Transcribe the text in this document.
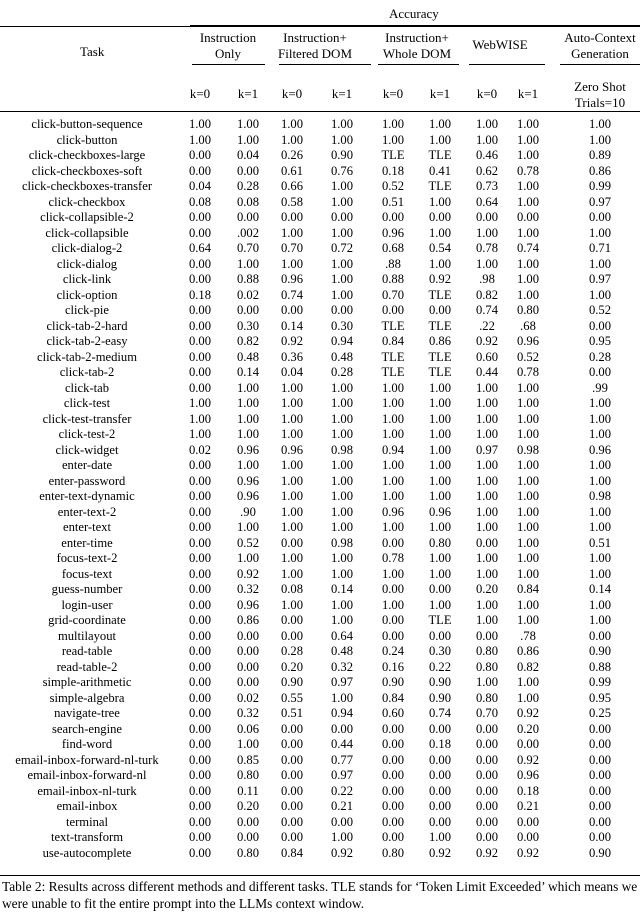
Accuracy
Task
Instruction
Only
k=0	k=1
Instruction+
Filtered DOM
k=0	k=1
Instruction+
Whole DOM
k=0	k=1
WebWISE
k=0	k=1
Auto-Context
Generation
Zero Shot
Trials=10
click-button-sequence	1.00	1.00	1.00	1.00	1.00	1.00	1.00	1.00	1.00
click-button	1.00	1.00	1.00	1.00	1.00	1.00	1.00	1.00	1.00
click-checkboxes-large	0.00	0.04	0.26	0.90	TLE	TLE	0.46	1.00	0.89
click-checkboxes-soft	0.00	0.00	0.61	0.76	0.18	0.41	0.62	0.78	0.86
click-checkboxes-transfer	0.04	0.28	0.66	1.00	0.52	TLE	0.73	1.00	0.99
click-checkbox	0.08	0.08	0.58	1.00	0.51	1.00	0.64	1.00	0.97
click-collapsible-2	0.00	0.00	0.00	0.00	0.00	0.00	0.00	0.00	0.00
click-collapsible	0.00	.002	1.00	1.00	0.96	1.00	1.00	1.00	1.00
click-dialog-2	0.64	0.70	0.70	0.72	0.68	0.54	0.78	0.74	0.71
click-dialog	0.00	1.00	1.00	1.00	.88	1.00	1.00	1.00	1.00
click-link	0.00	0.88	0.96	1.00	0.88	0.92	.98	1.00	0.97
click-option	0.18	0.02	0.74	1.00	0.70	TLE	0.82	1.00	1.00
click-pie	0.00	0.00	0.00	0.00	0.00	0.00	0.74	0.80	0.52
click-tab-2-hard	0.00	0.30	0.14	0.30	TLE	TLE	.22	.68	0.00
click-tab-2-easy	0.00	0.82	0.92	0.94	0.84	0.86	0.92	0.96	0.95
click-tab-2-medium	0.00	0.48	0.36	0.48	TLE	TLE	0.60	0.52	0.28
click-tab-2	0.00	0.14	0.04	0.28	TLE	TLE	0.44	0.78	0.00
click-tab	0.00	1.00	1.00	1.00	1.00	1.00	1.00	1.00	.99
click-test	1.00	1.00	1.00	1.00	1.00	1.00	1.00	1.00	1.00
click-test-transfer	1.00	1.00	1.00	1.00	1.00	1.00	1.00	1.00	1.00
click-test-2	1.00	1.00	1.00	1.00	1.00	1.00	1.00	1.00	1.00
click-widget	0.02	0.96	0.96	0.98	0.94	1.00	0.97	0.98	0.96
enter-date	0.00	1.00	1.00	1.00	1.00	1.00	1.00	1.00	1.00
enter-password	0.00	0.96	1.00	1.00	1.00	1.00	1.00	1.00	1.00
enter-text-dynamic	0.00	0.96	1.00	1.00	1.00	1.00	1.00	1.00	0.98
enter-text-2	0.00	.90	1.00	1.00	0.96	0.96	1.00	1.00	1.00
enter-text	0.00	1.00	1.00	1.00	1.00	1.00	1.00	1.00	1.00
enter-time	0.00	0.52	0.00	0.98	0.00	0.80	0.00	1.00	0.51
focus-text-2	0.00	1.00	1.00	1.00	0.78	1.00	1.00	1.00	1.00
focus-text	0.00	0.92	1.00	1.00	1.00	1.00	1.00	1.00	1.00
guess-number	0.00	0.32	0.08	0.14	0.00	0.00	0.20	0.84	0.14
login-user	0.00	0.96	1.00	1.00	1.00	1.00	1.00	1.00	1.00
grid-coordinate	0.00	0.86	0.00	1.00	0.00	TLE	1.00	1.00	1.00
multilayout	0.00	0.00	0.00	0.64	0.00	0.00	0.00	.78	0.00
read-table	0.00	0.00	0.28	0.48	0.24	0.30	0.80	0.86	0.90
read-table-2	0.00	0.00	0.20	0.32	0.16	0.22	0.80	0.82	0.88
simple-arithmetic	0.00	0.00	0.90	0.97	0.90	0.90	1.00	1.00	0.99
simple-algebra	0.00	0.02	0.55	1.00	0.84	0.90	0.80	1.00	0.95
navigate-tree	0.00	0.32	0.51	0.94	0.60	0.74	0.70	0.92	0.25
search-engine	0.00	0.06	0.00	0.00	0.00	0.00	0.00	0.20	0.00
find-word	0.00	1.00	0.00	0.44	0.00	0.18	0.00	0.00	0.00
email-inbox-forward-nl-turk	0.00	0.85	0.00	0.77	0.00	0.00	0.00	0.92	0.00
email-inbox-forward-nl	0.00	0.80	0.00	0.97	0.00	0.00	0.00	0.96	0.00
email-inbox-nl-turk	0.00	0.11	0.00	0.22	0.00	0.00	0.00	0.18	0.00
email-inbox	0.00	0.20	0.00	0.21	0.00	0.00	0.00	0.21	0.00
terminal	0.00	0.00	0.00	0.00	0.00	0.00	0.00	0.00	0.00
text-transform	0.00	0.00	0.00	1.00	0.00	1.00	0.00	0.00	0.00
use-autocomplete	0.00	0.80	0.84	0.92	0.80	0.92	0.92	0.92	0.90
Table 2: Results across different methods and different tasks. TLE stands for ‘Token Limit Exceeded’ which means we were unable to fit the entire prompt into the LLMs context window.
